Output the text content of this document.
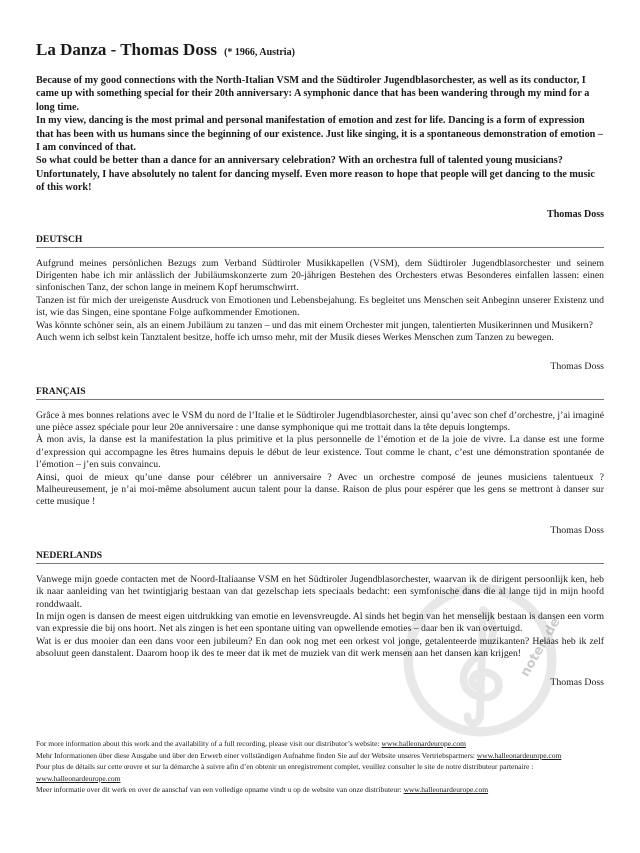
noten.de
La Danza - Thomas Doss (* 1966, Austria)

Because of my good connections with the North-Italian VSM and the Südtiroler Jugendblasorchester, as well as its conductor, I came up with something special for their 20th anniversary: A symphonic dance that has been wandering through my mind for a long time.

In my view, dancing is the most primal and personal manifestation of emotion and zest for life. Dancing is a form of expression that has been with us humans since the beginning of our existence. Just like singing, it is a spontaneous demonstration of emotion – I am convinced of that.

So what could be better than a dance for an anniversary celebration? With an orchestra full of talented young musicians? Unfortunately, I have absolutely no talent for dancing myself. Even more reason to hope that people will get dancing to the music of this work!

Thomas Doss
DEUTSCH

Aufgrund meines persönlichen Bezugs zum Verband Südtiroler Musikkapellen (VSM), dem Südtiroler Jugendblasorchester und seinem Dirigenten habe ich mir anlässlich der Jubiläumskonzerte zum 20-jährigen Bestehen des Orchesters etwas Besonderes einfallen lassen: einen sinfonischen Tanz, der schon lange in meinem Kopf herumschwirrt.

Tanzen ist für mich der ureigenste Ausdruck von Emotionen und Lebensbejahung. Es begleitet uns Menschen seit Anbeginn unserer Existenz und ist, wie das Singen, eine spontane Folge aufkommender Emotionen.

Was könnte schöner sein, als an einem Jubiläum zu tanzen – und das mit einem Orchester mit jungen, talentierten Musikerinnen und Musikern?

Auch wenn ich selbst kein Tanztalent besitze, hoffe ich umso mehr, mit der Musik dieses Werkes Menschen zum Tanzen zu bewegen.

Thomas Doss
FRANÇAIS

Grâce à mes bonnes relations avec le VSM du nord de l’Italie et le Südtiroler Jugendblasorchester, ainsi qu’avec son chef d’orchestre, j’ai imaginé une pièce assez spéciale pour leur 20e anniversaire : une danse symphonique qui me trottait dans la tête depuis longtemps.

À mon avis, la danse est la manifestation la plus primitive et la plus personnelle de l’émotion et de la joie de vivre. La danse est une forme d’expression qui accompagne les êtres humains depuis le début de leur existence. Tout comme le chant, c’est une démonstration spontanée de l’émotion – j’en suis convaincu.

Ainsi, quoi de mieux qu’une danse pour célébrer un anniversaire ? Avec un orchestre composé de jeunes musiciens talentueux ? Malheureusement, je n’ai moi-même absolument aucun talent pour la danse. Raison de plus pour espérer que les gens se mettront à danser sur cette musique !

Thomas Doss
NEDERLANDS

Vanwege mijn goede contacten met de Noord-Italiaanse VSM en het Südtiroler Jugendblasorchester, waarvan ik de dirigent persoonlijk ken, heb ik naar aanleiding van het twintigjarig bestaan van dat gezelschap iets speciaals bedacht: een symfonische dans die al lange tijd in mijn hoofd ronddwaalt.

In mijn ogen is dansen de meest eigen uitdrukking van emotie en levensvreugde. Al sinds het begin van het menselijk bestaan is dansen een vorm van expressie die bij ons hoort. Net als zingen is het een spontane uiting van opwellende emoties – daar ben ik van overtuigd.

Wat is er dus mooier dan een dans voor een jubileum? En dan ook nog met een orkest vol jonge, getalenteerde muzikanten? Helaas heb ik zelf absoluut geen danstalent. Daarom hoop ik des te meer dat ik met de muziek van dit werk mensen aan het dansen kan krijgen!

Thomas Doss

For more information about this work and the availability of a full recording, please visit our distributor’s website: www.halleonardeurope.com

Mehr Informationen über diese Ausgabe und über den Erwerb einer vollständigen Aufnahme finden Sie auf der Website unseres Vertriebspartners: www.halleonardeurope.com

Pour plus de détails sur cette œuvre et sur la démarche à suivre afin d’en obtenir un enregistrement complet, veuillez consulter le site de notre distributeur partenaire : www.halleonardeurope.com

Meer informatie over dit werk en over de aanschaf van een volledige opname vindt u op de website van onze distributeur: www.halleonardeurope.com
